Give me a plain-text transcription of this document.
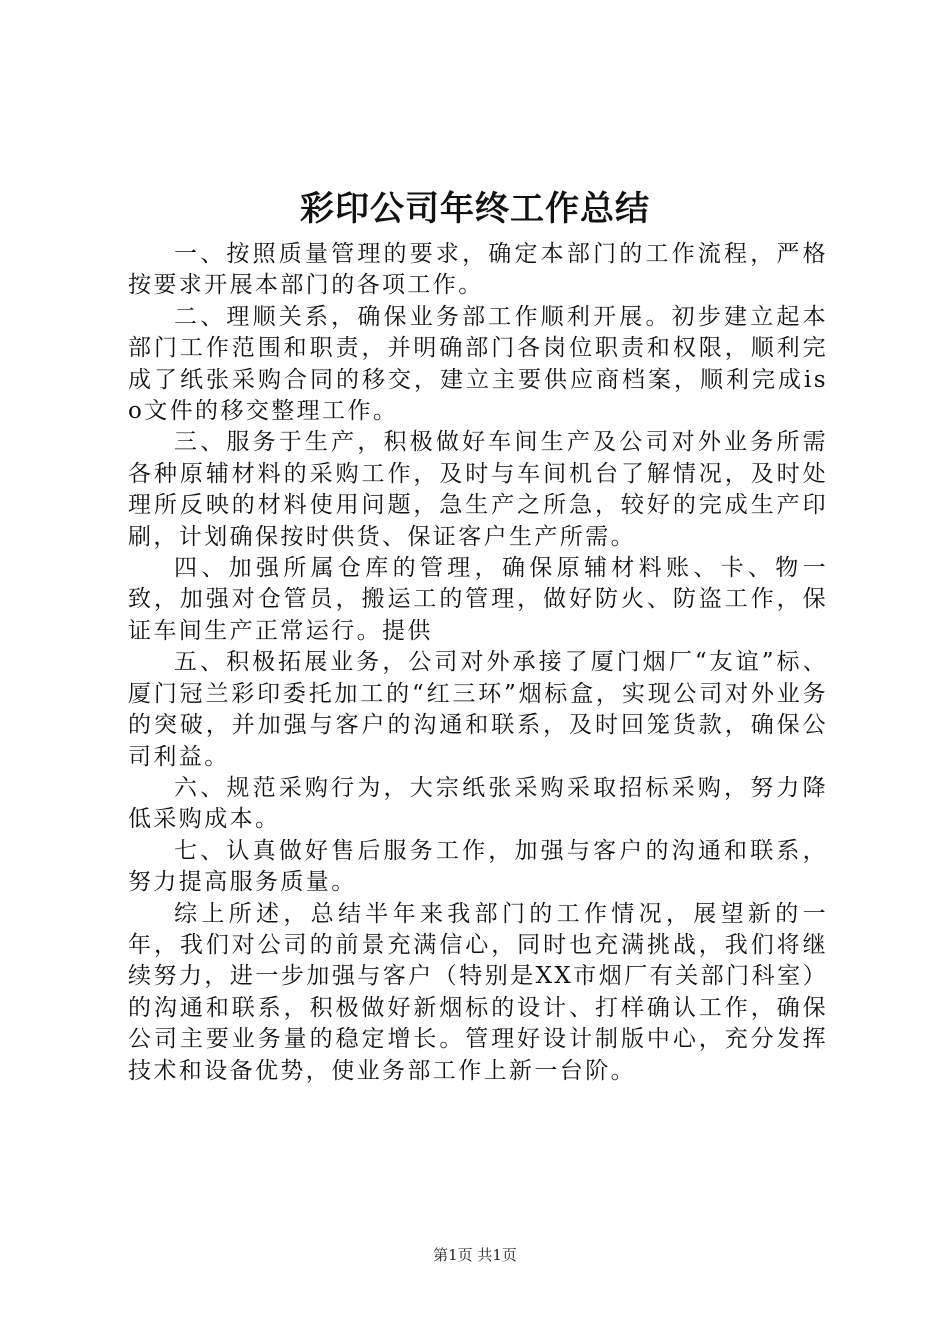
彩印公司年终工作总结

一、按照质量管理的要求，确定本部门的工作流程，严格按要求开展本部门的各项工作。

二、理顺关系，确保业务部工作顺利开展。初步建立起本部门工作范围和职责，并明确部门各岗位职责和权限，顺利完成了纸张采购合同的移交，建立主要供应商档案，顺利完成iso文件的移交整理工作。

三、服务于生产，积极做好车间生产及公司对外业务所需各种原辅材料的采购工作，及时与车间机台了解情况，及时处理所反映的材料使用问题，急生产之所急，较好的完成生产印刷，计划确保按时供货、保证客户生产所需。

四、加强所属仓库的管理，确保原辅材料账、卡、物一致，加强对仓管员，搬运工的管理，做好防火、防盗工作，保证车间生产正常运行。提供

五、积极拓展业务，公司对外承接了厦门烟厂“友谊”标、厦门冠兰彩印委托加工的“红三环”烟标盒，实现公司对外业务的突破，并加强与客户的沟通和联系，及时回笼货款，确保公司利益。

六、规范采购行为，大宗纸张采购采取招标采购，努力降低采购成本。

七、认真做好售后服务工作，加强与客户的沟通和联系，努力提高服务质量。

综上所述，总结半年来我部门的工作情况，展望新的一年，我们对公司的前景充满信心，同时也充满挑战，我们将继续努力，进一步加强与客户（特别是XX市烟厂有关部门科室）的沟通和联系，积极做好新烟标的设计、打样确认工作，确保公司主要业务量的稳定增长。管理好设计制版中心，充分发挥技术和设备优势，使业务部工作上新一台阶。

第1页 共1页
